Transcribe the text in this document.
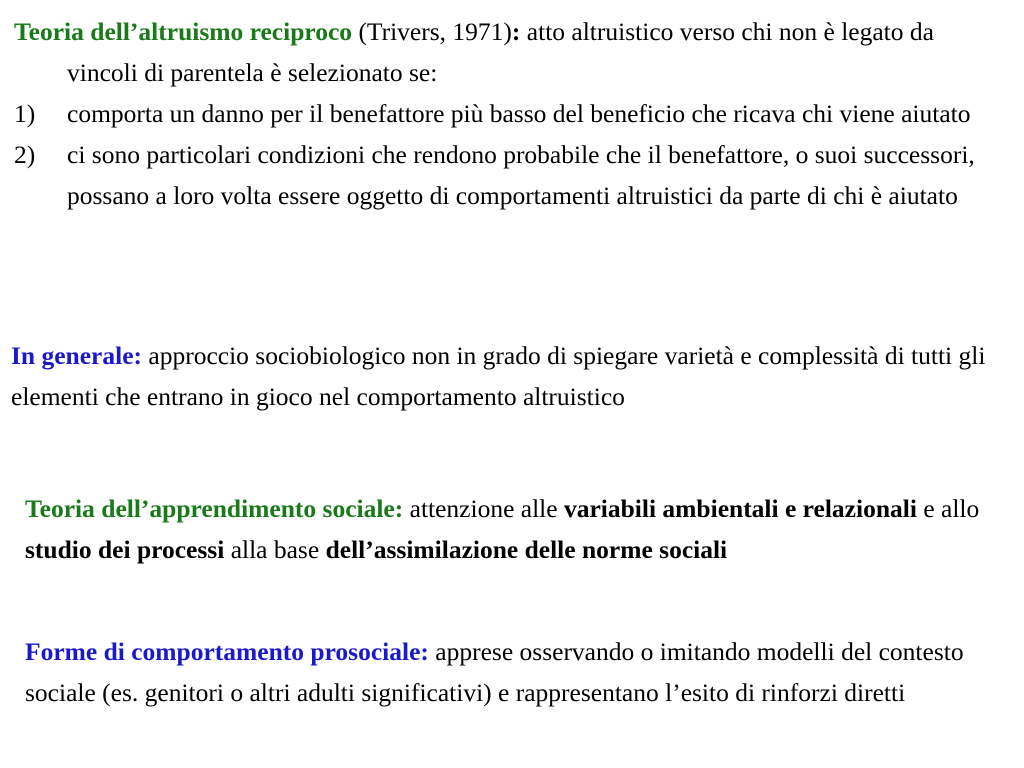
Teoria dell’altruismo reciproco (Trivers, 1971): atto altruistico verso chi non è legato da vincoli di parentela è selezionato se:

1) comporta un danno per il benefattore più basso del beneficio che ricava chi viene aiutato
2) ci sono particolari condizioni che rendono probabile che il benefattore, o suoi successori, possano a loro volta essere oggetto di comportamenti altruistici da parte di chi è aiutato

In generale: approccio sociobiologico non in grado di spiegare varietà e complessità di tutti gli elementi che entrano in gioco nel comportamento altruistico

Teoria dell’apprendimento sociale: attenzione alle variabili ambientali e relazionali e allo studio dei processi alla base dell’assimilazione delle norme sociali

Forme di comportamento prosociale: apprese osservando o imitando modelli del contesto sociale (es. genitori o altri adulti significativi) e rappresentano l’esito di rinforzi diretti
